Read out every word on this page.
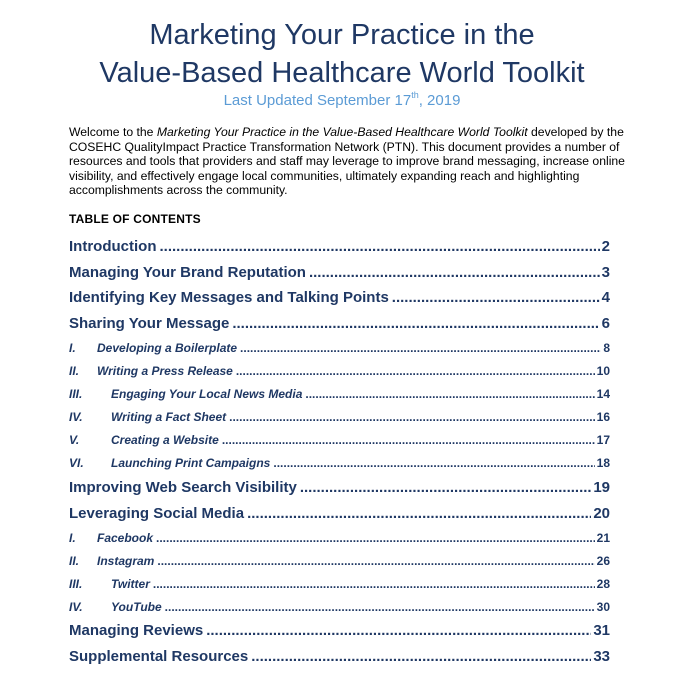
Marketing Your Practice in the
Value-Based Healthcare World Toolkit
Last Updated September 17th, 2019

Welcome to the Marketing Your Practice in the Value-Based Healthcare World Toolkit developed by the COSEHC QualityImpact Practice Transformation Network (PTN). This document provides a number of resources and tools that providers and staff may leverage to improve brand messaging, increase online visibility, and effectively engage local communities, ultimately expanding reach and highlighting accomplishments across the community.

TABLE OF CONTENTS
Introduction .....	2
Managing Your Brand Reputation .....	3
Identifying Key Messages and Talking Points .....	4
Sharing Your Message .....	6
I.	Developing a Boilerplate .....	8
II.	Writing a Press Release .....	10
III.	Engaging Your Local News Media .....	14
IV.	Writing a Fact Sheet .....	16
V.	Creating a Website .....	17
VI.	Launching Print Campaigns .....	18
Improving Web Search Visibility .....	19
Leveraging Social Media .....	20
I.	Facebook .....	21
II.	Instagram .....	26
III.	Twitter .....	28
IV.	YouTube .....	30
Managing Reviews .....	31
Supplemental Resources .....	33
